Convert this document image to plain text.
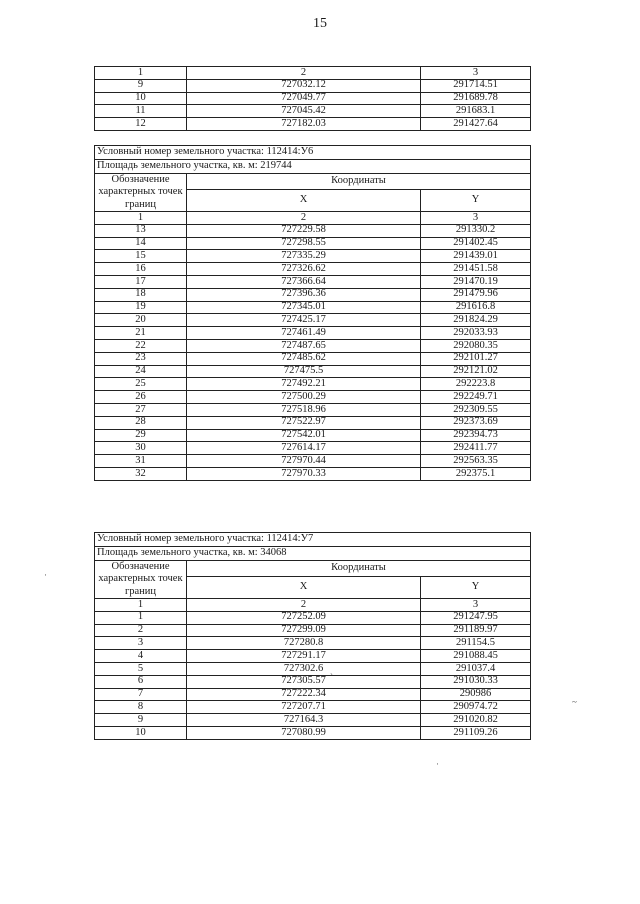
15
1	2	3
9	727032.12	291714.51
10	727049.77	291689.78
11	727045.42	291683.1
12	727182.03	291427.64
Условный номер земельного участка: 112414:У6		
Площадь земельного участка, кв. м: 219744		
Обозначение характерных точек границ	Координаты	
	X	Y
1	2	3
13	727229.58	291330.2
14	727298.55	291402.45
15	727335.29	291439.01
16	727326.62	291451.58
17	727366.64	291470.19
18	727396.36	291479.96
19	727345.01	291616.8
20	727425.17	291824.29
21	727461.49	292033.93
22	727487.65	292080.35
23	727485.62	292101.27
24	727475.5	292121.02
25	727492.21	292223.8
26	727500.29	292249.71
27	727518.96	292309.55
28	727522.97	292373.69
29	727542.01	292394.73
30	727614.17	292411.77
31	727970.44	292563.35
32	727970.33	292375.1
Условный номер земельного участка: 112414:У7		
Площадь земельного участка, кв. м: 34068		
Обозначение характерных точек границ	Координаты	
	X	Y
1	2	3
1	727252.09	291247.95
2	727299.09	291189.97
3	727280.8	291154.5
4	727291.17	291088.45
5	727302.6	291037.4
6	727305.57	291030.33
7	727222.34	290986
8	727207.71	290974.72
9	727164.3	291020.82
10	727080.99	291109.26
·
`
~
·
